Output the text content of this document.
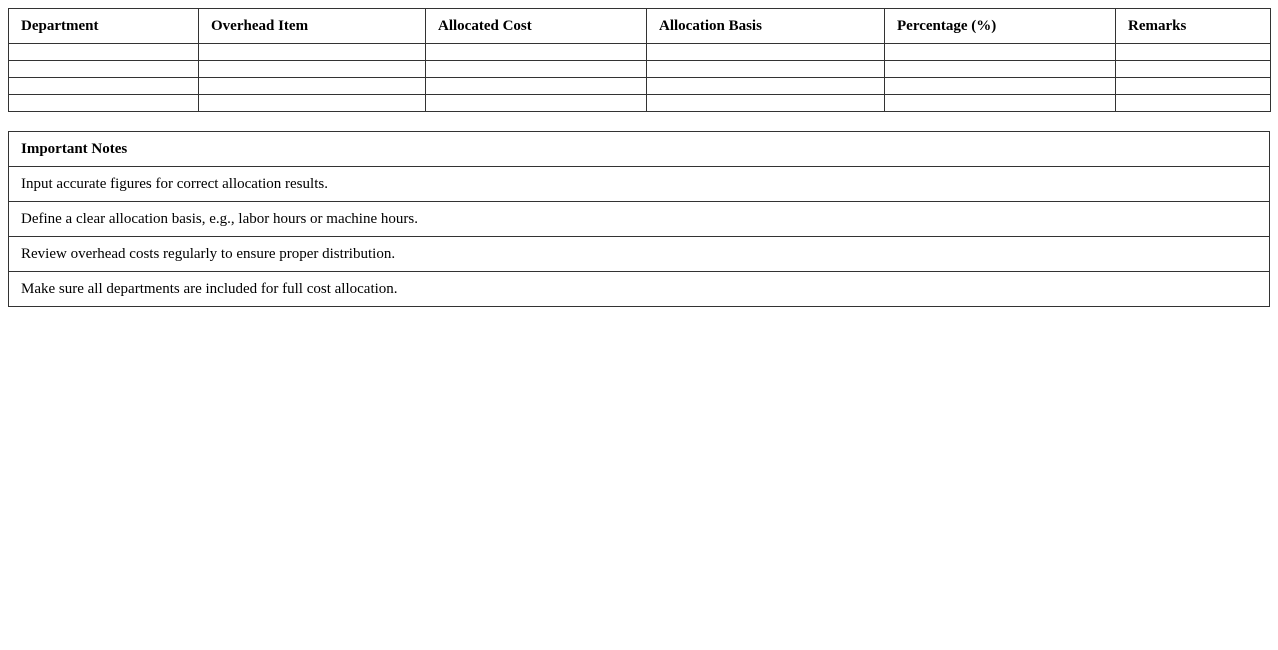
Department	Overhead Item	Allocated Cost	Allocation Basis	Percentage (%)	Remarks

Important Notes
Input accurate figures for correct allocation results.
Define a clear allocation basis, e.g., labor hours or machine hours.
Review overhead costs regularly to ensure proper distribution.
Make sure all departments are included for full cost allocation.
